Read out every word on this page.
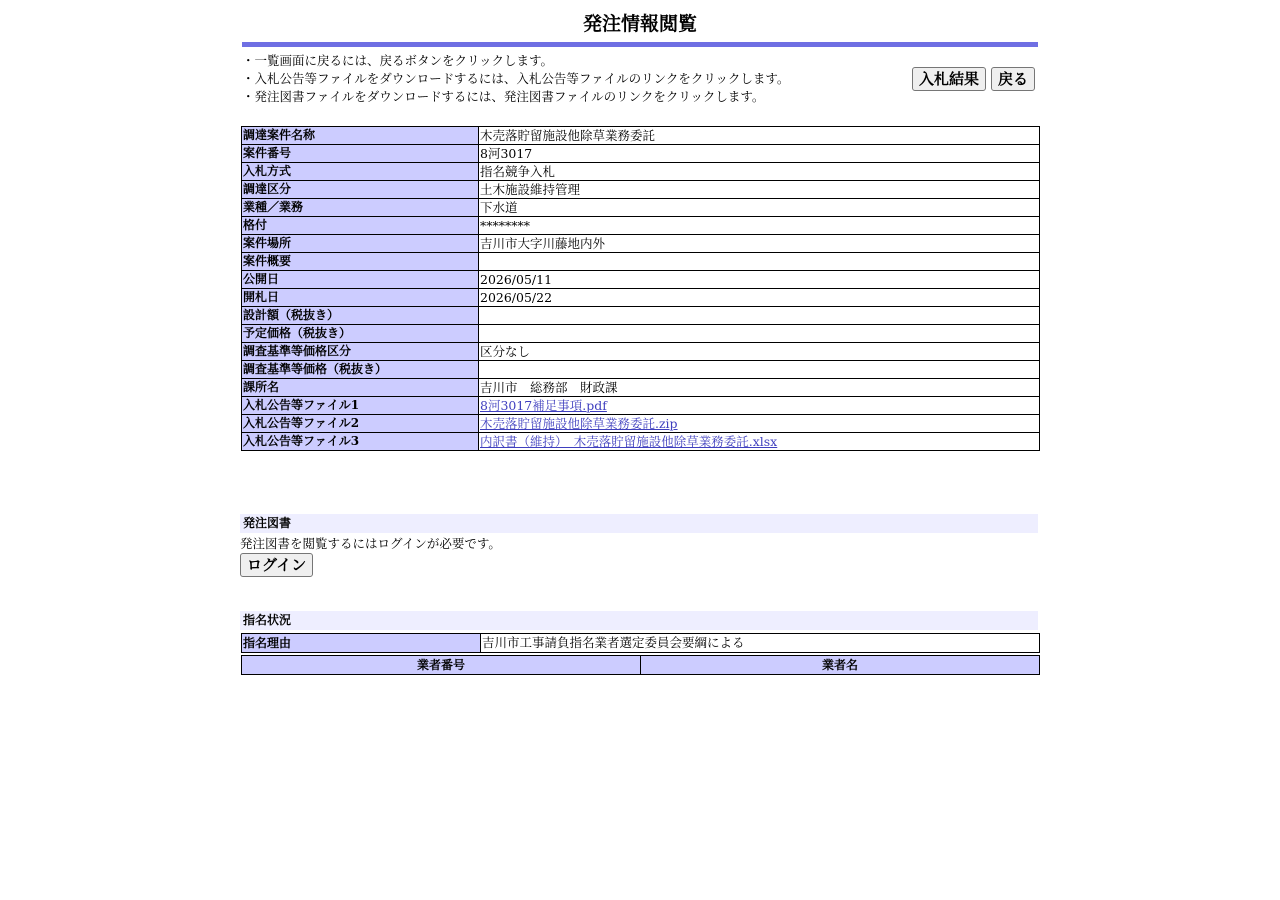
発注情報閲覧
・一覧画面に戻るには、戻るボタンをクリックします。
・入札公告等ファイルをダウンロードするには、入札公告等ファイルのリンクをクリックします。
・発注図書ファイルをダウンロードするには、発注図書ファイルのリンクをクリックします。
入札結果	戻る
調達案件名称	木売落貯留施設他除草業務委託
案件番号	8河3017
入札方式	指名競争入札
調達区分	土木施設維持管理
業種／業務	下水道
格付	********
案件場所	吉川市大字川藤地内外
案件概要	
公開日	2026/05/11
開札日	2026/05/22
設計額（税抜き）	
予定価格（税抜き）	
調査基準等価格区分	区分なし
調査基準等価格（税抜き）	
課所名	吉川市　総務部　財政課
入札公告等ファイル1	8河3017補足事項.pdf
入札公告等ファイル2	木売落貯留施設他除草業務委託.zip
入札公告等ファイル3	内訳書（維持）　木売落貯留施設他除草業務委託.xlsx
発注図書
発注図書を閲覧するにはログインが必要です。
ログイン
指名状況
指名理由	吉川市工事請負指名業者選定委員会要綱による
業者番号	業者名
